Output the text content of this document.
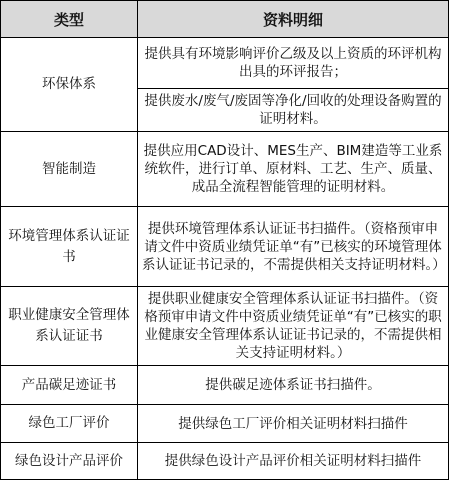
类型	资料明细
环保体系	提供具有环境影响评价乙级及以上资质的环评机构出具的环评报告；
	提供废水/废气/废固等净化/回收的处理设备购置的证明材料。
智能制造	提供应用CAD设计、MES生产、BIM建造等工业系统软件，进行订单、原材料、工艺、生产、质量、成品全流程智能管理的证明材料。
环境管理体系认证证书	提供环境管理体系认证证书扫描件。（资格预审申请文件中资质业绩凭证单“有”已核实的环境管理体系认证证书记录的，不需提供相关支持证明材料。）
职业健康安全管理体系认证证书	提供职业健康安全管理体系认证证书扫描件。（资格预审申请文件中资质业绩凭证单“有”已核实的职业健康安全管理体系认证证书记录的，不需提供相关支持证明材料。）
产品碳足迹证书	提供碳足迹体系证书扫描件。
绿色工厂评价	提供绿色工厂评价相关证明材料扫描件
绿色设计产品评价	提供绿色设计产品评价相关证明材料扫描件
